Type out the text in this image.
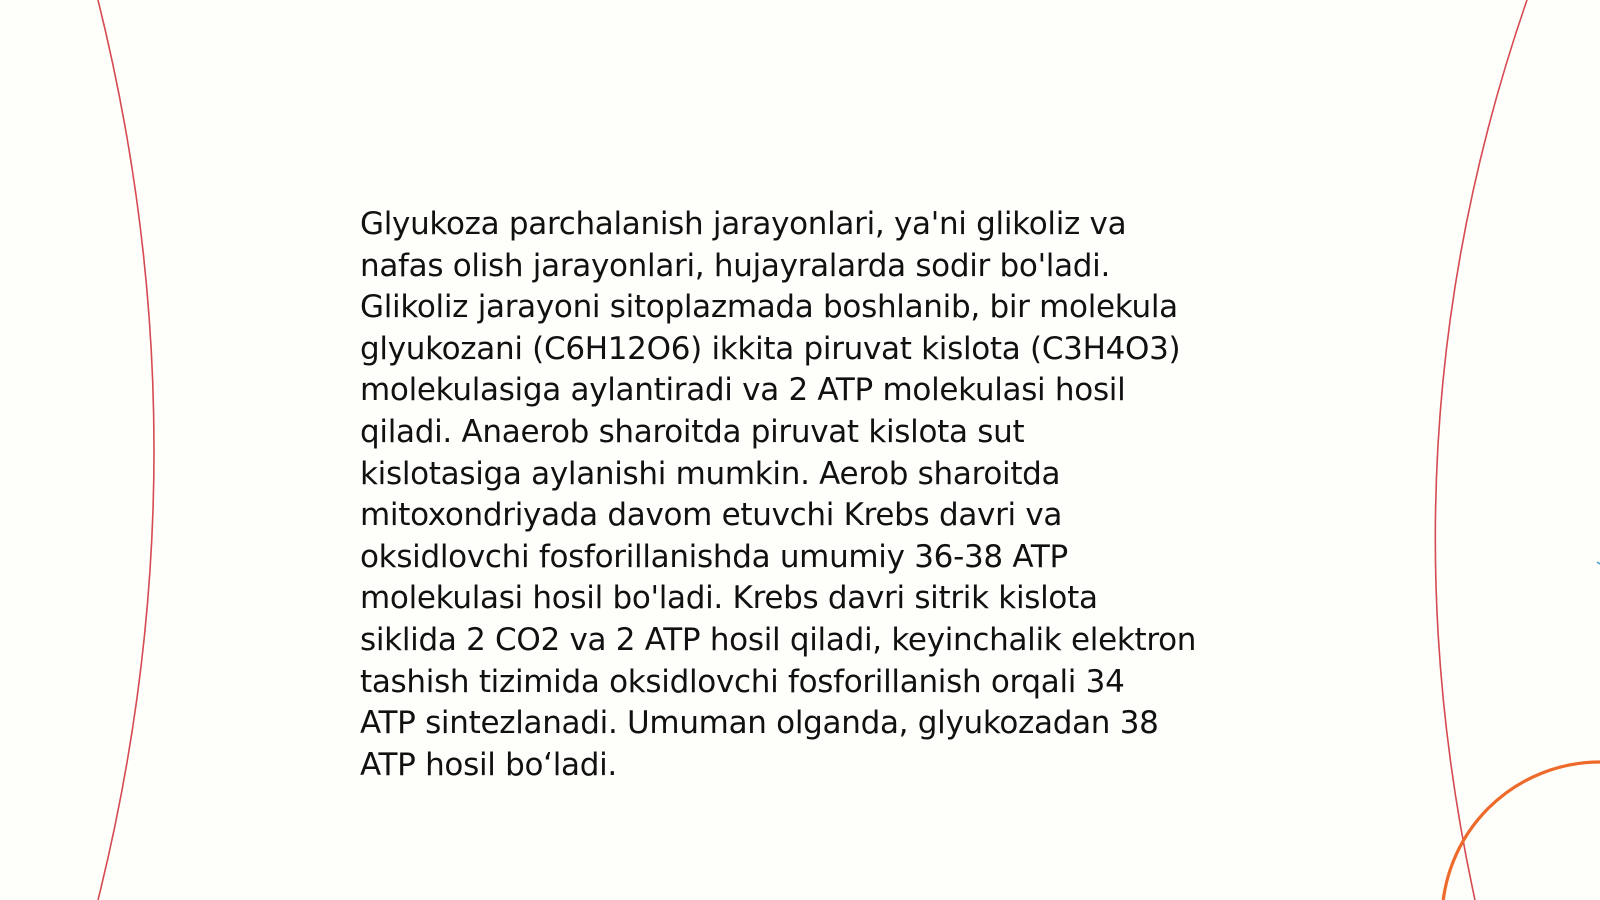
Glyukoza parchalanish jarayonlari, ya'ni glikoliz va
nafas olish jarayonlari, hujayralarda sodir bo'ladi.
Glikoliz jarayoni sitoplazmada boshlanib, bir molekula
glyukozani (C6H12O6) ikkita piruvat kislota (C3H4O3)
molekulasiga aylantiradi va 2 ATP molekulasi hosil
qiladi. Anaerob sharoitda piruvat kislota sut
kislotasiga aylanishi mumkin. Aerob sharoitda
mitoxondriyada davom etuvchi Krebs davri va
oksidlovchi fosforillanishda umumiy 36-38 ATP
molekulasi hosil bo'ladi. Krebs davri sitrik kislota
siklida 2 CO2 va 2 ATP hosil qiladi, keyinchalik elektron
tashish tizimida oksidlovchi fosforillanish orqali 34
ATP sintezlanadi. Umuman olganda, glyukozadan 38
ATP hosil bo‘ladi.
